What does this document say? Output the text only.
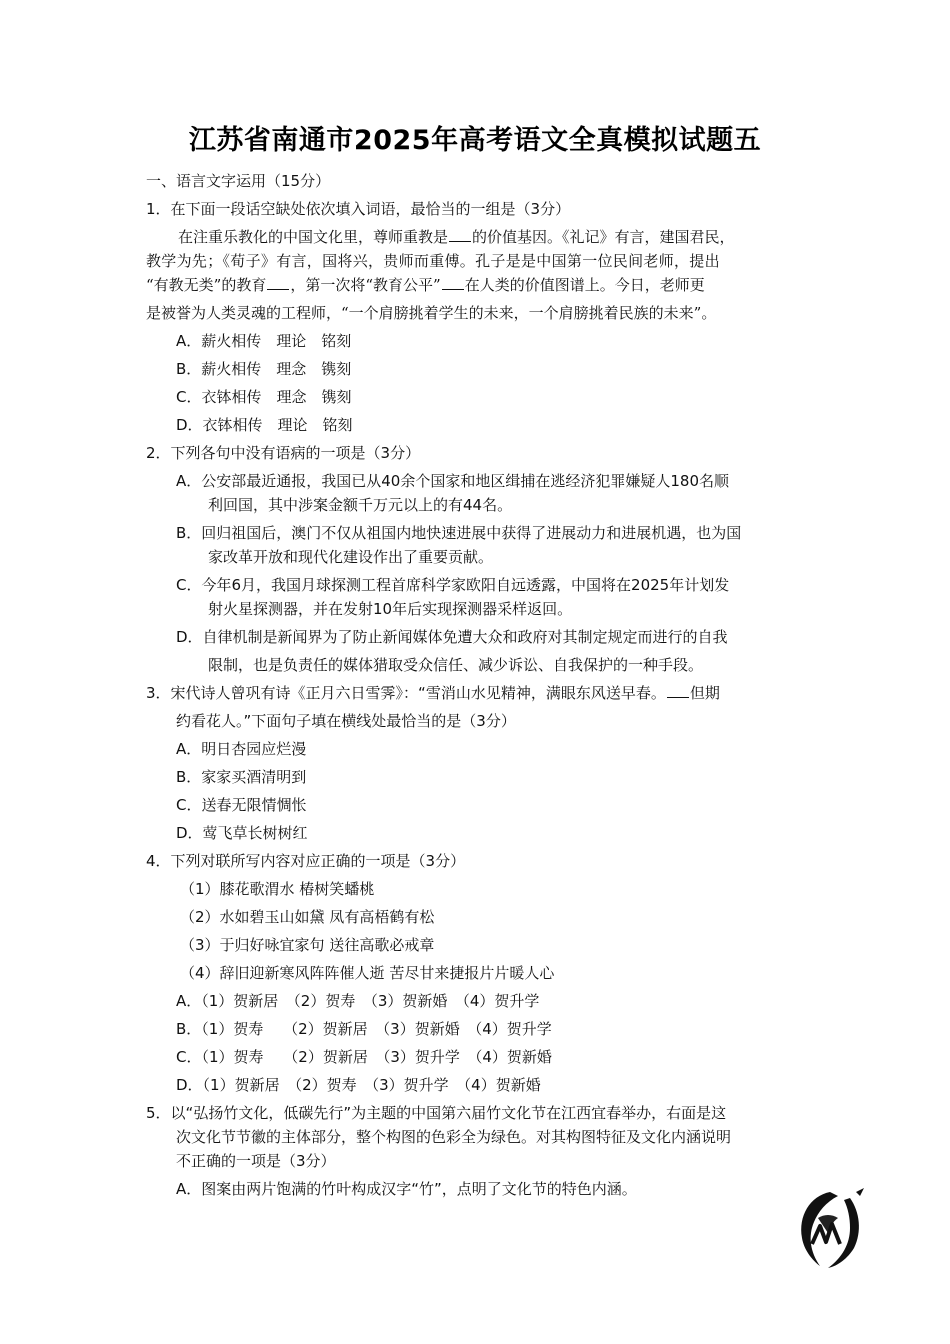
江苏省南通市2025年高考语文全真模拟试题五
一、语言文字运用（15分）
1．在下面一段话空缺处依次填入词语，最恰当的一组是（3分）
在注重乐教化的中国文化里，尊师重教是 的价值基因。《礼记》有言，建国君民，
教学为先；《荀子》有言，国将兴，贵师而重傅。孔子是是中国第一位民间老师，提出
“有教无类”的教育 ，第一次将“教育公平” 在人类的价值图谱上。今日，老师更
是被誉为人类灵魂的工程师，“一个肩膀挑着学生的未来，一个肩膀挑着民族的未来”。
A．薪火相传　理论　铭刻
B．薪火相传　理念　镌刻
C．衣钵相传　理念　镌刻
D．衣钵相传　理论　铭刻
2．下列各句中没有语病的一项是（3分）
A．公安部最近通报，我国已从40余个国家和地区缉捕在逃经济犯罪嫌疑人180名顺
利回国，其中涉案金额千万元以上的有44名。
B．回归祖国后，澳门不仅从祖国内地快速进展中获得了进展动力和进展机遇，也为国
家改革开放和现代化建设作出了重要贡献。
C．今年6月，我国月球探测工程首席科学家欧阳自远透露，中国将在2025年计划发
射火星探测器，并在发射10年后实现探测器采样返回。
D．自律机制是新闻界为了防止新闻媒体免遭大众和政府对其制定规定而进行的自我
限制，也是负责任的媒体猎取受众信任、减少诉讼、自我保护的一种手段。
3．宋代诗人曾巩有诗《正月六日雪霁》：“雪消山水见精神，满眼东风送早春。 但期
约看花人。”下面句子填在横线处最恰当的是（3分）
A．明日杏园应烂漫
B．家家买酒清明到
C．送春无限情惆怅
D．莺飞草长树树红
4．下列对联所写内容对应正确的一项是（3分）
（1）膝花歌渭水 椿树笑蟠桃
（2）水如碧玉山如黛 凤有高梧鹤有松
（3）于归好咏宜家句 送往高歌必戒章
（4）辞旧迎新寒风阵阵催人逝 苦尽甘来捷报片片暖人心
A．（1）贺新居　（2）贺寿　（3）贺新婚　（4）贺升学
B．（1）贺寿　 （2）贺新居　（3）贺新婚　（4）贺升学
C．（1）贺寿　 （2）贺新居　（3）贺升学　（4）贺新婚
D．（1）贺新居　（2）贺寿　（3）贺升学　（4）贺新婚
5．以“弘扬竹文化，低碳先行”为主题的中国第六届竹文化节在江西宜春举办，右面是这
次文化节节徽的主体部分，整个构图的色彩全为绿色。对其构图特征及文化内涵说明
不正确的一项是（3分）
A．图案由两片饱满的竹叶构成汉字“竹”，点明了文化节的特色内涵。
